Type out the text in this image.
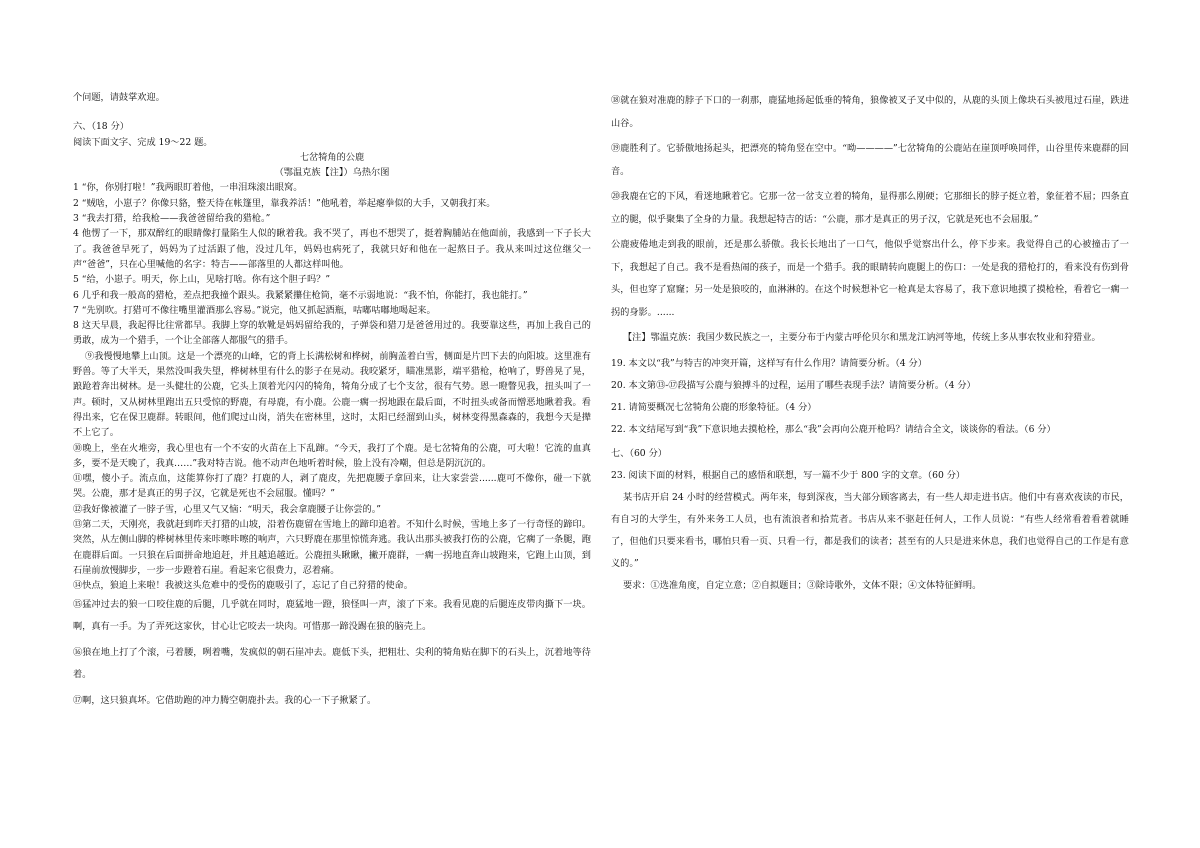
个问题，请鼓掌欢迎。

六、（18 分）

阅读下面文字、完成 19～22 题。

七岔犄角的公鹿

（鄂温克族【注】）乌热尔图

1 “你，你别打啦！”我两眼盯着他，一串泪珠滚出眼窝。

2 “贼啥，小崽子？你像只貉，整天待在帐篷里，靠我养活！”他吼着，举起瘪拳似的大手，又朝我打来。

3 “我去打猎，给我枪——我爸爸留给我的猎枪。”

4 他愣了一下，那双醉红的眼睛像打量陷生人似的瞅着我。我不哭了，再也不想哭了，挺着胸脯站在他面前，我感到一下子长大了。我爸爸早死了，妈妈为了过活跟了他，没过几年，妈妈也病死了，我就只好和他在一起熬日子。我从来叫过这位继父一声“爸爸”，只在心里喊他的名字：特吉——部落里的人都这样叫他。

5 “给，小崽子。明天，你上山，见啥打啥。你有这个胆子吗？”

6 几乎和我一般高的猎枪，差点把我撞个跟头。我紧紧攥住枪筒，毫不示弱地说：“我不怕，你能打，我也能打。”

7 “先别吹。打猎可不像往嘴里灌酒那么容易。”说完，他又抓起酒瓶，咕嘟咕嘟地喝起来。

8 这天早晨，我起得比往常都早。我脚上穿的软靴是妈妈留给我的，子弹袋和猎刀是爸爸用过的。我要靠这些，再加上我自己的勇敢，成为一个猎手，一个让全部落人都服气的猎手。

⑨我慢慢地攀上山顶。这是一个漂亮的山峰，它的背上长满松树和桦树，前胸盖着白雪，侧面是片凹下去的向阳坡。这里准有野兽。等了大半天，果然没叫我失望，桦树林里有什么的影子在晃动。我咬紧牙，瞄准黑影，端平猎枪，枪响了，野兽晃了晃，踉跄着奔出树林。是一头健壮的公鹿，它头上顶着光闪闪的犄角，犄角分成了七个支岔，很有气势。恩一瞪瞥见我，扭头叫了一声。顿时，又从树林里跑出五只受惊的野鹿，有母鹿，有小鹿。公鹿一瘸一拐地跟在最后面，不时扭头或备而憎恶地瞅着我。看得出来，它在保卫鹿群。转眼间，他们爬过山岗，消失在密林里，这时，太阳已经溜到山头，树林变得黑森森的，我想今天是撵不上它了。

⑩晚上，坐在火堆旁，我心里也有一个不安的火苗在上下乱蹿。“今天，我打了个鹿。是七岔犄角的公鹿，可大啦！它流的血真多，要不是天晚了，我真……”我对特吉说。他不动声色地听着时候，脸上没有冷嘲，但总是阴沉沉的。

⑪嘿，傻小子。流点血，这能算你打了鹿？打鹿的人，剥了鹿皮，先把鹿腰子拿回来，让大家尝尝......鹿可不像你，碰一下就哭。公鹿，那才是真正的男子汉，它就是死也不会屈服。懂吗？”

⑫我好像被灌了一脖子雪，心里又气又恼：“明天，我会拿鹿腰子让你尝的。”

⑬第二天，天刚亮，我就赶到昨天打猎的山坡，沿着伤鹿留在雪地上的蹄印追着。不知什么时候，雪地上多了一行奇怪的蹄印。突然，从左侧山脚的桦树林里传来咔嚓咔嚓的响声，六只野鹿在那里惊慌奔逃。我认出那头被我打伤的公鹿，它瘸了一条腿，跑在鹿群后面。一只狼在后面拼命地追赶，并且越追越近。公鹿扭头瞅瞅，撇开鹿群，一瘸一拐地直奔山坡跑来，它跑上山顶，到石崖前放慢脚步，一步一步蹬着石崖。看起来它很费力，忍着痛。

⑭快点，狼追上来啦！我被这头危难中的受伤的鹿吸引了，忘记了自己狩猎的使命。

⑮猛冲过去的狼一口咬住鹿的后腿，几乎就在同时，鹿猛地一蹬，狼怪叫一声，滚了下来。我看见鹿的后腿连皮带肉撕下一块。啊，真有一手。为了弄死这家伙，甘心让它咬去一块肉。可惜那一蹄没踢在狼的脑壳上。

⑯狼在地上打了个滚，弓着腰，咧着嘴，发疯似的朝石崖冲去。鹿低下头，把粗壮、尖利的犄角贴在脚下的石头上，沉着地等待着。

⑰啊，这只狼真坏。它借助跑的冲力腾空朝鹿扑去。我的心一下子揪紧了。

⑱就在狼对准鹿的脖子下口的一刹那，鹿猛地扬起低垂的犄角，狼像被叉子叉中似的，从鹿的头顶上像块石头被甩过石崖，跌进山谷。

⑲鹿胜利了。它骄傲地扬起头，把漂亮的犄角竖在空中。“呦————”七岔犄角的公鹿站在崖顶呼唤同伴，山谷里传来鹿群的回音。

⑳我鹿在它的下风，看迷地瞅着它。它那一岔一岔支立着的犄角，显得那么刚硬；它那细长的脖子挺立着，象征着不屈；四条直立的腿，似乎聚集了全身的力量。我想起特吉的话：“公鹿，那才是真正的男子汉，它就是死也不会屈服。”

公鹿疲倦地走到我的眼前，还是那么骄傲。我长长地出了一口气，他似乎觉察出什么，停下步来。我觉得自己的心被撞击了一下，我想起了自己。我不是看热闹的孩子，而是一个猎手。我的眼睛转向鹿腿上的伤口：一处是我的猎枪打的，看来没有伤到骨头，但也穿了窟窿；另一处是狼咬的，血淋淋的。在这个时候想补它一枪真是太容易了，我下意识地摸了摸枪栓，看着它一瘸一拐的身影。......

【注】鄂温克族：我国少数民族之一，主要分布于内蒙古呼伦贝尔和黑龙江讷河等地，传统上多从事农牧业和狩猎业。

19. 本文以“我”与特吉的冲突开篇，这样写有什么作用？请简要分析。（4 分）

20. 本文第⑬-⑰段描写公鹿与狼搏斗的过程，运用了哪些表现手法？请简要分析。（4 分）

21. 请简要概况七岔犄角公鹿的形象特征。（4 分）

22. 本文结尾写到“我”下意识地去摸枪栓，那么“我”会再向公鹿开枪吗？请结合全文，谈谈你的看法。（6 分）

七、（60 分）

23. 阅读下面的材料，根据自己的感悟和联想，写一篇不少于 800 字的文章。（60 分）

某书店开启 24 小时的经营模式。两年来，每到深夜，当大部分顾客离去，有一些人却走进书店。他们中有喜欢夜读的市民，有自习的大学生，有外来务工人员，也有流浪者和拾荒者。书店从来不驱赶任何人，工作人员说：“有些人经常看着看着就睡了，但他们只要来看书，哪怕只看一页、只看一行，都是我们的读者；甚至有的人只是进来休息，我们也觉得自己的工作是有意义的。”

要求：①选准角度，自定立意；②自拟题目；③除诗歌外，文体不限；④文体特征鲜明。
